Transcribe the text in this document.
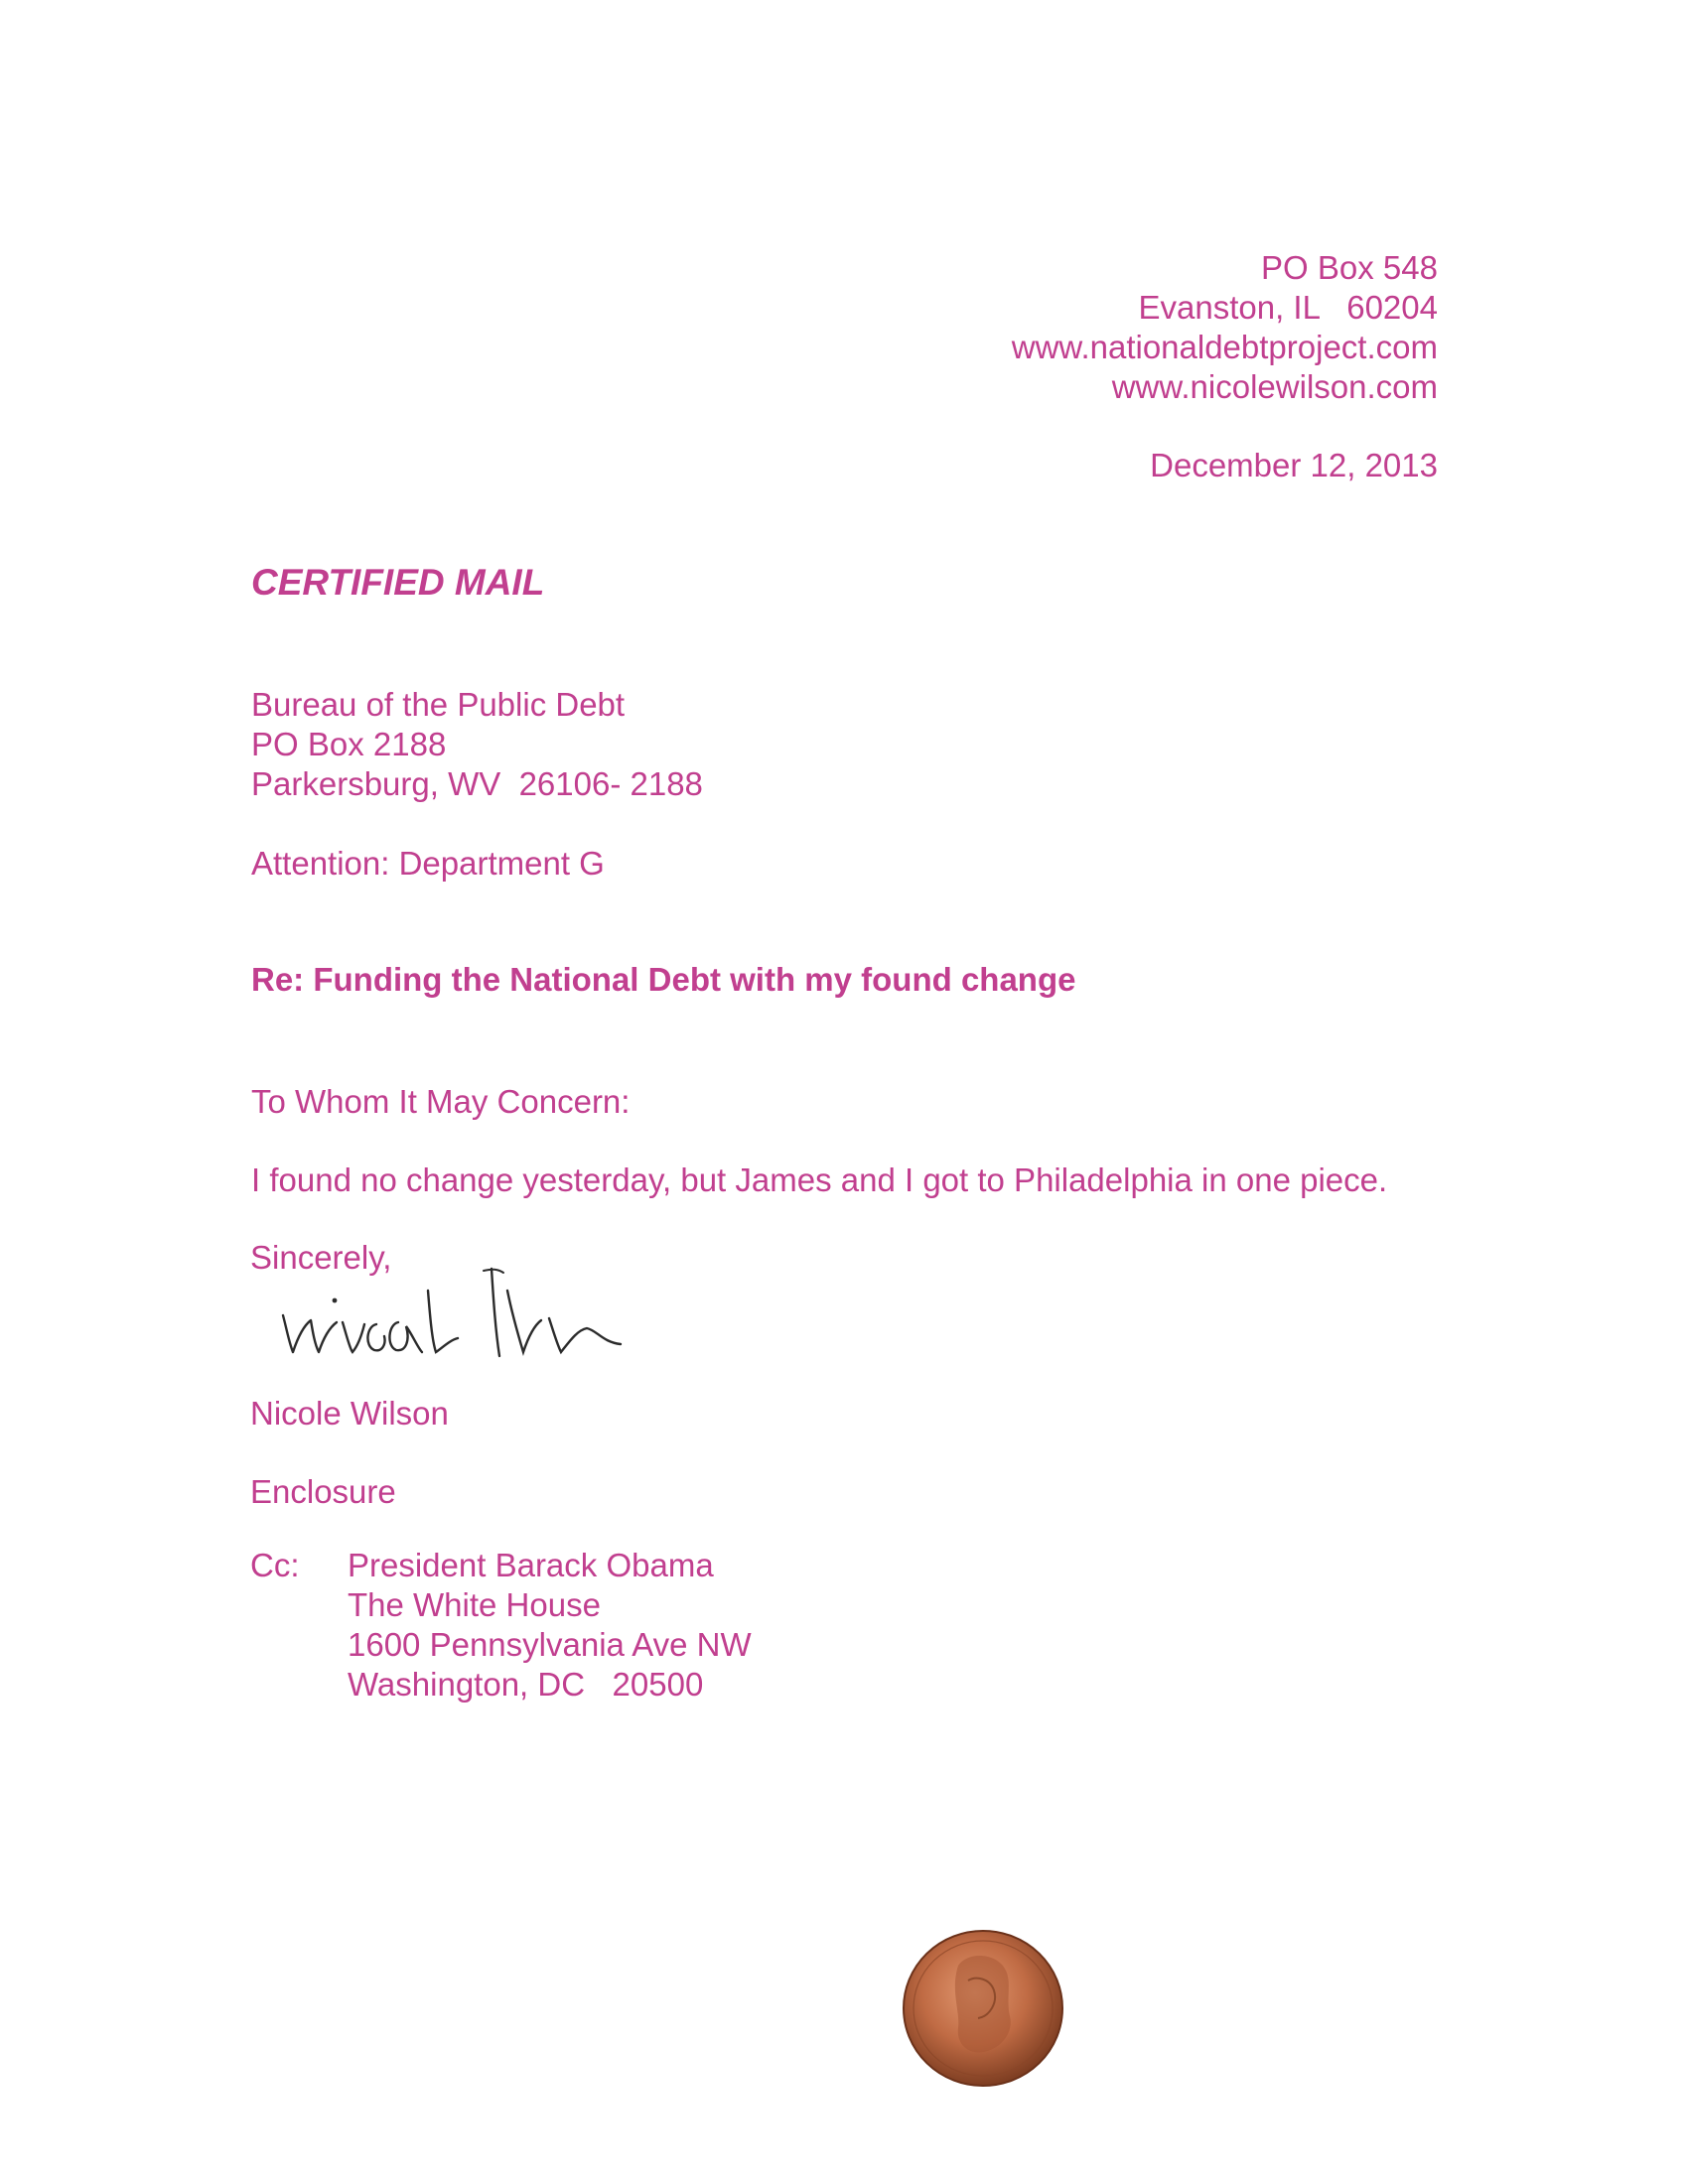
PO Box 548
Evanston, IL   60204
www.nationaldebtproject.com
www.nicolewilson.com
December 12, 2013
CERTIFIED MAIL
Bureau of the Public Debt
PO Box 2188
Parkersburg, WV  26106- 2188
Attention: Department G
Re: Funding the National Debt with my found change
To Whom It May Concern:
I found no change yesterday, but James and I got to Philadelphia in one piece.
Sincerely,
Nicole Wilson
Enclosure
Cc: President Barack Obama
The White House
1600 Pennsylvania Ave NW
Washington, DC   20500
